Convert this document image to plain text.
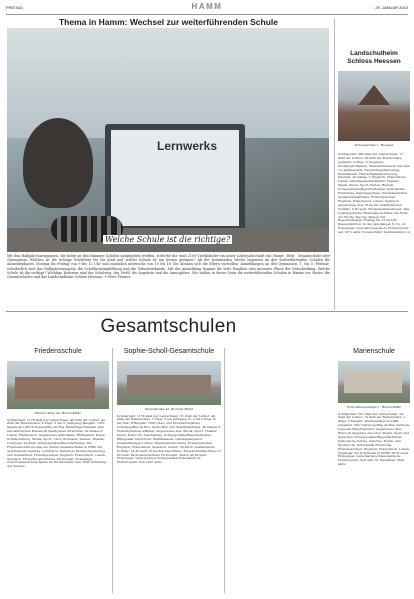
FREITAG	HAMM	29. JANUAR 2010
Thema in Hamm: Wechsel zur weiterführenden Schule
Lernwerks
Welche Schule ist die richtige?
Mit den Halbjahreszeugnissen, die heute an den Hammer Schulen ausgegeben werden, steht für die rund 2100 Viertklässler ein neuer Lebensabschnitt ein: Haupt-, Real-, Gesamtschule oder Gymnasium. Welches ist die richtige Schulform für Ihr Kind und welche Schule ist am besten geeignet? Ab der kommenden Woche beginnen an den weiterführenden Schulen die Anmeldephasen. Montag bis Freitag von 9 bis 12 Uhr und zusätzlich mittwochs von 15 bis 18 Uhr können sich die Eltern vorstellen. Anmeldungen an den Gymnasien: 1. bis 5. Februar; erforderlich sind das Halbjahreszeugnis, die Schulformempfehlung und die Geburtsurkunde. Mit der Anmeldung beginnt für viele Familien eine intensive Phase der Entscheidung. Welche Schule ist die richtige? Wichtige Kriterien sind der Schulweg, das Profil, die Angebote und die Atmosphäre. Wir stellen in dieser Serie die weiterführenden Schulen in Hamm vor. Heute: die Gesamtschulen und das Landschulheim Schloss Heessen. • Peter Thiesen
Landschulheim Schloss Heessen
Schlossstraße 1, Heessen
Schülerzahl: 380 Zahl der Lehrerinnen: 17 Zahl der Lehrer: 24 Zahl der Referendare (gesamt): 0 Züge: 3 Angebote: Drehmöglichkeiten, Wasserschlössern aus dem 13. Jahrhundert, Nachmittagsbetreuung, Kleinklassen, Hausaufgabenbetreuung, Internat. Ab Klasse 7: Englisch, Französisch, Latein. Arbeitsgemeinschaften: Theater, Musik, Kunst, Sport, Reiten, Rudern. Schwerpunkte/Besonderheiten: Individuelle Förderung, Ganztagsschule, Internatsbetrieb, Auslandsaufenthalte. Fremdsprachen: Englisch, Französisch, Latein, Spanisch. Angebotene AGs: Etwa 40. Ausländischen Schüler: 0 Prozent. Fächerkombinationen: Alle Leistungskurse. Ehemalige Schüler: Am Ende der Woche Tag der offenen Tür. Besonderheiten: Freitag bis 13.45 Uhr. Klassenfahrten: in den Jahrgängen 6, 10, 12. Homepage: www.lsh-heessen.de Förderverein: seit 1971 aktiv. Notenschnitt: Zentralabitur 2,4
Gesamtschulen
Friedensschule
Marker Allee 20, Hamm-Mitte
Schülerzahl: 1178 Zahl der Lehrerinnen: 48 Zahl der Lehrer: 42 Zahl der Referendare: 6 Züge: 5 (ab 5. Jahrgang) Baujahr: 1970, Mensa ab 1989 Schulweg/Bus ist Bus: Bedürftige Familien sind mit zahlreichen Bussen im Stadtgebiet erreichbar. Ab Klasse 6: Latein, Französisch. Angebotene Aktivitäten: Bühnenbild, Kunst, Schülerzeitung, Musik, Sport, Chor, Orchester, Tanzen, Theater, Computer, Technik. Schwerpunkte/Besonderheiten: Die Friedensschule ist eine der ersten Gesamtschulen in NRW, mit gebundenem Ganztag, Lernbüros, Inklusion, Berufsorientierung und Sozialarbeit. Fremdsprachen: Englisch, Französisch, Latein, Spanisch. Erreichte Abschlüsse: 64 Prozent. Homepage: www.friedensschule-hamm.de Förderverein: Seit 1996 Gründung des Vereins.
Sophie-Scholl-Gesamtschule
Stalunstraße 42, Bockum-Hövel
Schülerzahl: 1156 Zahl der Lehrerinnen: 51 Zahl der Lehrer: 40 Zahl der Referendare: 7 Züge: 5 (ab Jahrgang 5), 2 bis 5 Züge in der Sek. II Baujahr: 1995 (Neu- und Erweiterungsbau) Schulweg/Bus ist Bus: Sechs Bus- und Stadtbahnlinien. Ab Klasse 6: Fremdsprachen wählbar. Angebotene AGs: Musik, Sport, Theater, Kunst, Natur, PC-Ausstattung. Schwerpunkte/Besonderheiten: Bilingualer Unterricht, Musikklassen, Ganztagsangebot, Selbstständiges Lernen, Eigenverantwortung. Fremdsprachen: Englisch, Französisch, Spanisch, Latein, Türkisch. Ausländische Schüler: 14 Prozent. Erreichte Abschlüsse: Hauptschulabschluss 10 Prozent, Fachoberschulreife 50 Prozent, Abitur 40 Prozent. Homepage: www.sophie-scholl-gesamtschule-hamm.de Förderverein: Seit 1997 aktiv.
Marienschule
Franziskanerstraße 1, Hamm-Mitte
Schülerzahl: 507 Zahl der Lehrerinnen: 24 Zahl der Lehrer: 14 Zahl der Referendare: 1 Züge: 3 Baujahr: Wiederaufbau in 1946, erweitert 1997 Schulweg/Bus ist Bus: Zentrale Lage am Hauptbahnhof. Angebotene AGs: Rund 20 Angebote wie Chor, Musik, Sport und Sprachen. Schwerpunkte/Besonderheiten: Katholische Schule, Ganztag, Musik- und Sportprofil, Individuelle Förderung. Fremdsprachen: Englisch, Französisch, Latein. Abgänger mit Q-Vermerk in 08/09: 50 Prozent. Homepage: www.marienschule-hamm.de Förderverein: Seit dem 19. Dezember 1994 aktiv.
